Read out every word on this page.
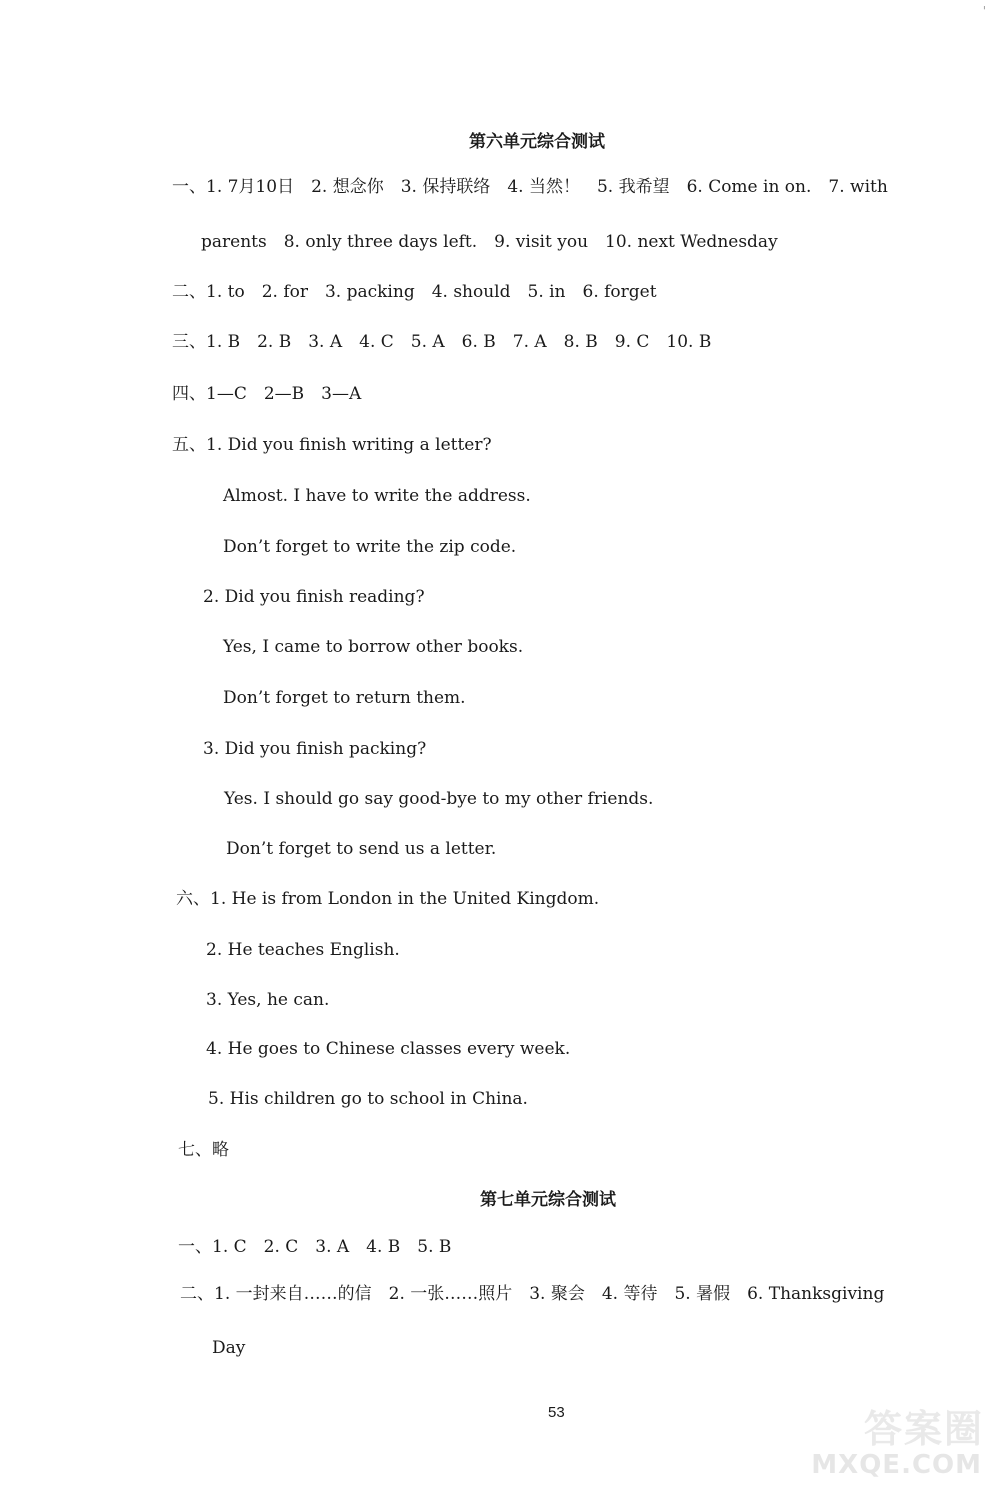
'
第六单元综合测试
一、1. 7月10日　2. 想念你　3. 保持联络　4. 当然！　5. 我希望　6. Come in on.　7. with
parents　8. only three days left.　9. visit you　10. next Wednesday
二、1. to　2. for　3. packing　4. should　5. in　6. forget
三、1. B　2. B　3. A　4. C　5. A　6. B　7. A　8. B　9. C　10. B
四、1—C　2—B　3—A
五、1. Did you finish writing a letter?
Almost. I have to write the address.
Don’t forget to write the zip code.
2. Did you finish reading?
Yes, I came to borrow other books.
Don’t forget to return them.
3. Did you finish packing?
Yes. I should go say good-bye to my other friends.
Don’t forget to send us a letter.
六、1. He is from London in the United Kingdom.
2. He teaches English.
3. Yes, he can.
4. He goes to Chinese classes every week.
5. His children go to school in China.
七、略
第七单元综合测试
一、1. C　2. C　3. A　4. B　5. B
二、1. 一封来自……的信　2. 一张……照片　3. 聚会　4. 等待　5. 暑假　6. Thanksgiving
Day
53	答案圈
MXQE.COM
